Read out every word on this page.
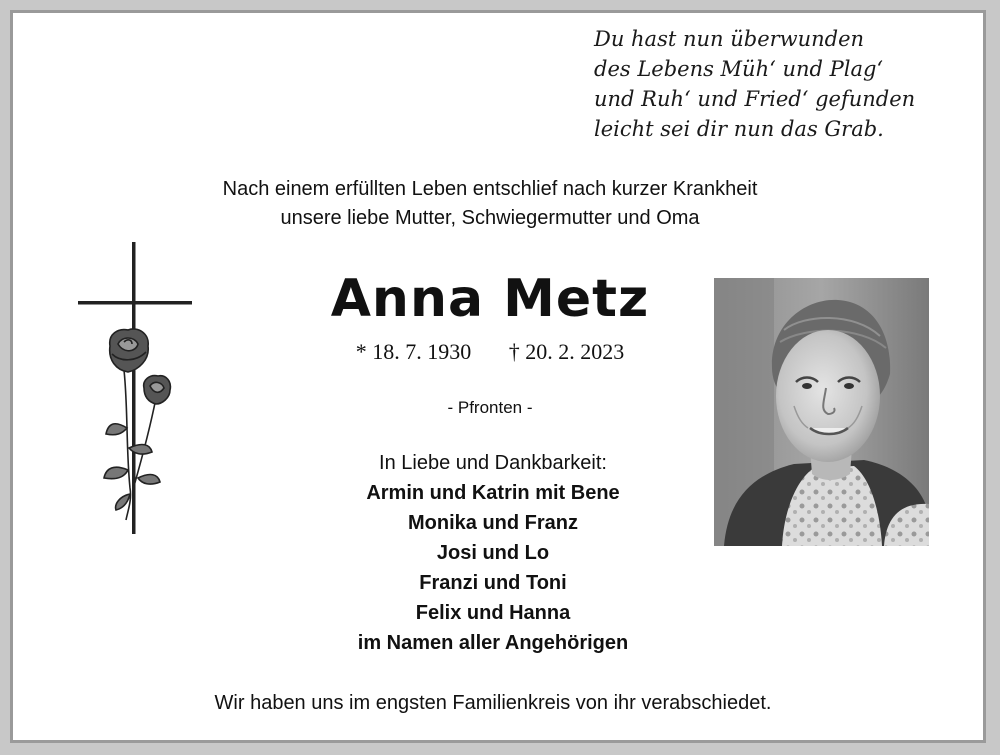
Du hast nun überwunden
des Lebens Müh‘ und Plag‘
und Ruh‘ und Fried‘ gefunden
leicht sei dir nun das Grab.
Nach einem erfüllten Leben entschlief nach kurzer Krankheit
unsere liebe Mutter, Schwiegermutter und Oma
Anna Metz
* 18. 7. 1930 † 20. 2. 2023
- Pfronten -
In Liebe und Dankbarkeit:
Armin und Katrin mit Bene
Monika und Franz
Josi und Lo
Franzi und Toni
Felix und Hanna
im Namen aller Angehörigen
Wir haben uns im engsten Familienkreis von ihr verabschiedet.
